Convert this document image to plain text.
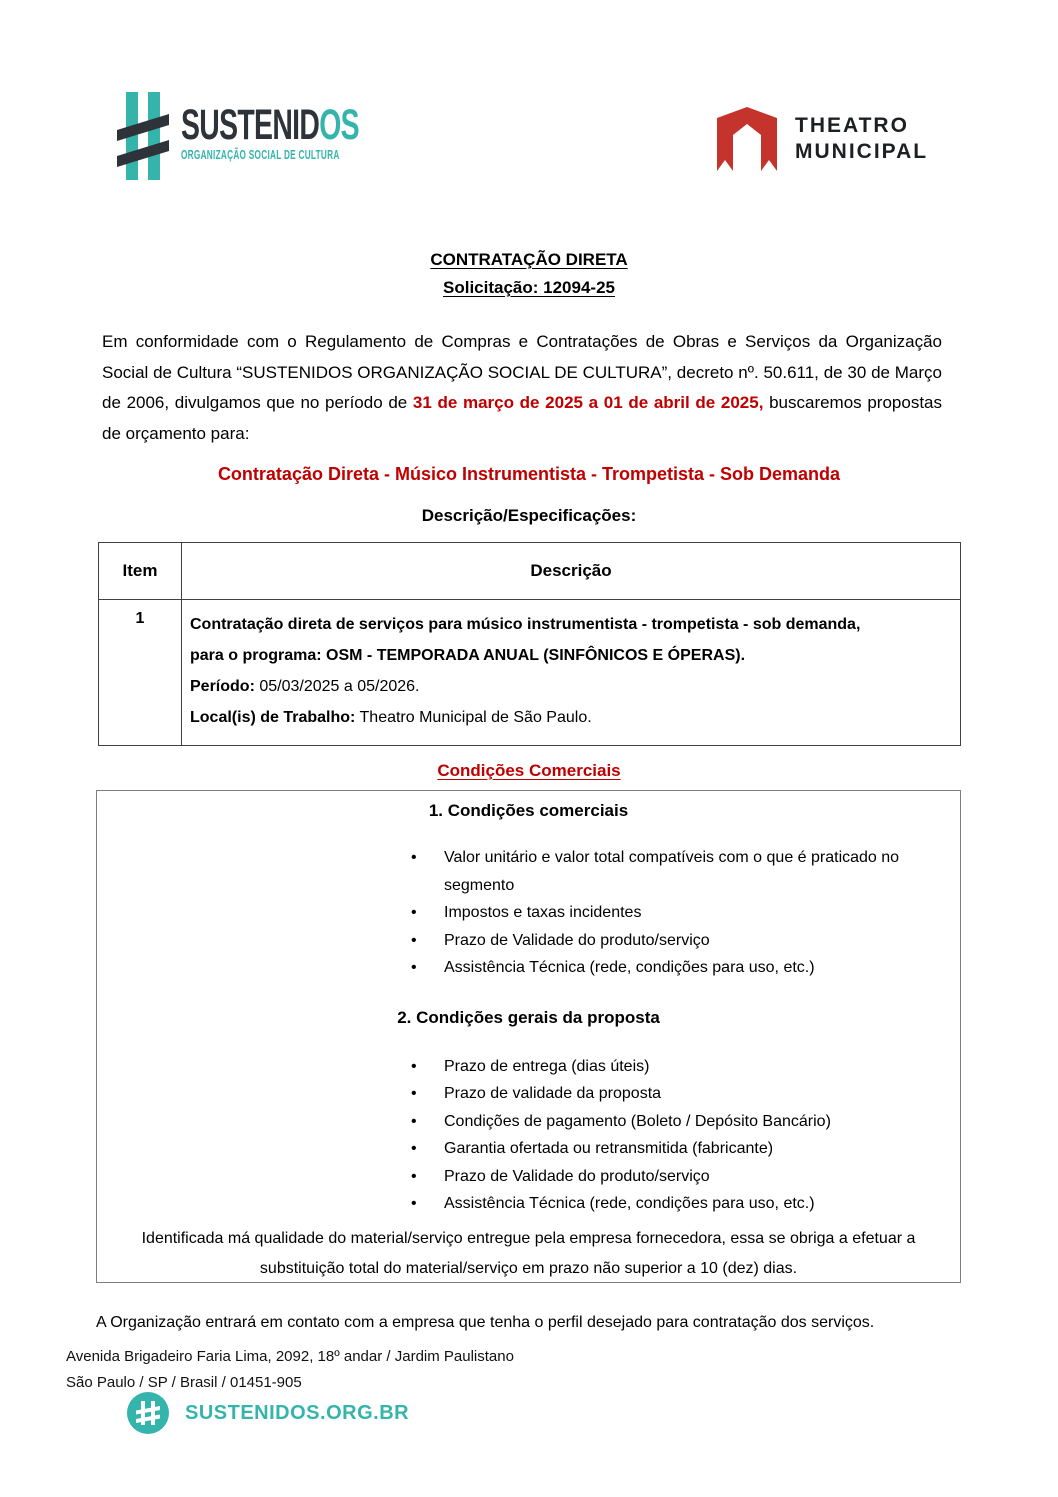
SUSTENIDOS
ORGANIZAÇÃO SOCIAL DE CULTURA
THEATRO
MUNICIPAL
CONTRATAÇÃO DIRETA
Solicitação: 12094-25

Em conformidade com o Regulamento de Compras e Contratações de Obras e Serviços da Organização Social de Cultura “SUSTENIDOS ORGANIZAÇÃO SOCIAL DE CULTURA”, decreto nº. 50.611, de 30 de Março de 2006, divulgamos que no período de 31 de março de 2025 a 01 de abril de 2025, buscaremos propostas de orçamento para:

Contratação Direta - Músico Instrumentista - Trompetista - Sob Demanda
Descrição/Especificações:
Item	Descrição
1	Contratação direta de serviços para músico instrumentista - trompetista - sob demanda,
para o programa: OSM - TEMPORADA ANUAL (SINFÔNICOS E ÓPERAS).
Período: 05/03/2025 a 05/2026.
Local(is) de Trabalho: Theatro Municipal de São Paulo.
Condições Comerciais
1. Condições comerciais
•	Valor unitário e valor total compatíveis com o que é praticado no segmento
•	Impostos e taxas incidentes
•	Prazo de Validade do produto/serviço
•	Assistência Técnica (rede, condições para uso, etc.)
2. Condições gerais da proposta
•	Prazo de entrega (dias úteis)
•	Prazo de validade da proposta
•	Condições de pagamento (Boleto / Depósito Bancário)
•	Garantia ofertada ou retransmitida (fabricante)
•	Prazo de Validade do produto/serviço
•	Assistência Técnica (rede, condições para uso, etc.)
Identificada má qualidade do material/serviço entregue pela empresa fornecedora, essa se obriga a efetuar a substituição total do material/serviço em prazo não superior a 10 (dez) dias.
A Organização entrará em contato com a empresa que tenha o perfil desejado para contratação dos serviços.
Avenida Brigadeiro Faria Lima, 2092, 18º andar / Jardim Paulistano
São Paulo / SP / Brasil / 01451-905
SUSTENIDOS.ORG.BR
